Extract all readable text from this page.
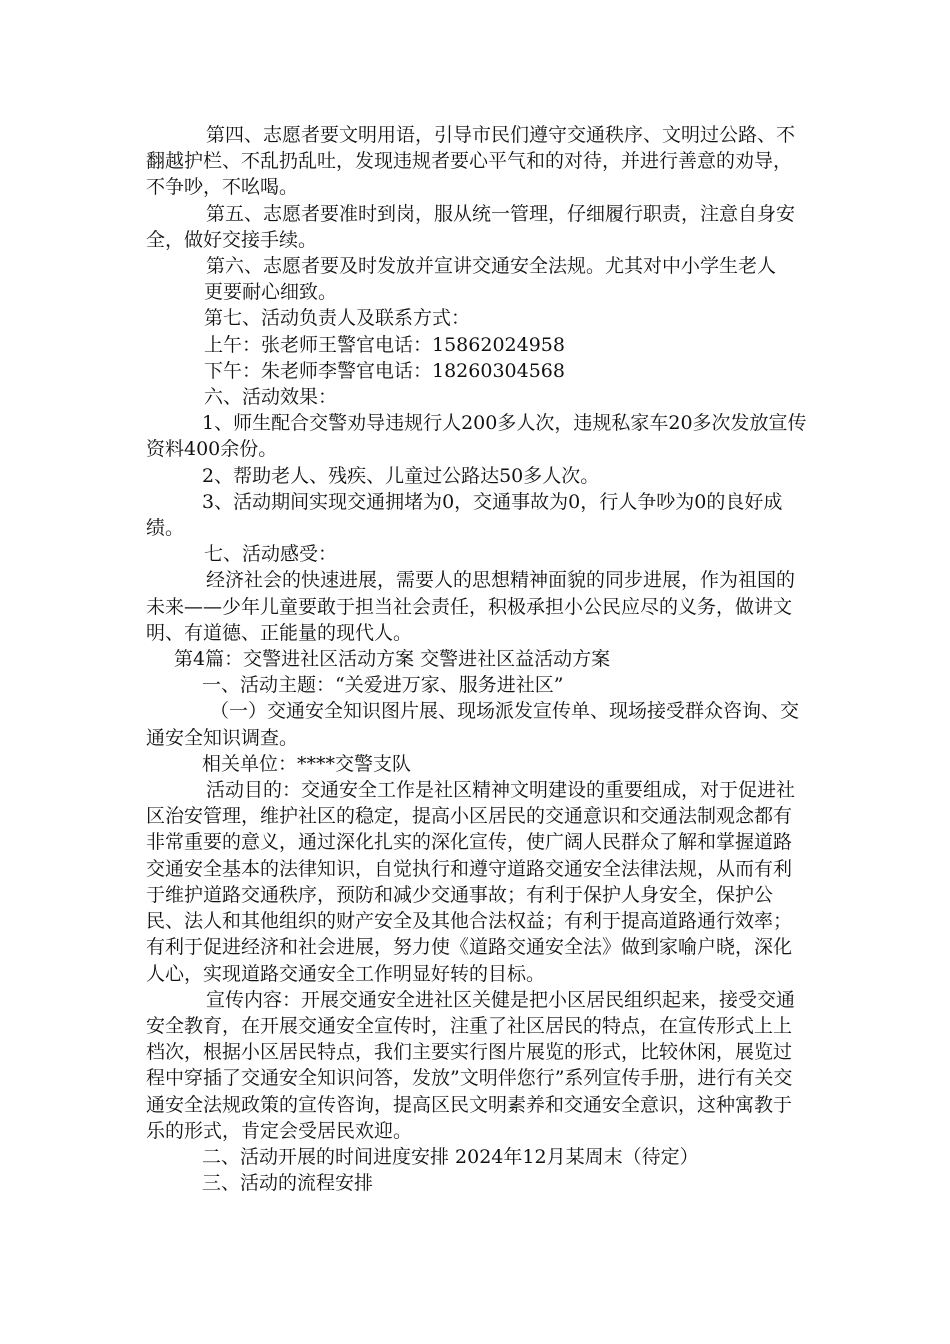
第四、志愿者要文明用语，引导市民们遵守交通秩序、文明过公路、不翻越护栏、不乱扔乱吐，发现违规者要心平气和的对待，并进行善意的劝导，不争吵，不吆喝。

第五、志愿者要准时到岗，服从统一管理，仔细履行职责，注意自身安全，做好交接手续。

第六、志愿者要及时发放并宣讲交通安全法规。尤其对中小学生老人

更要耐心细致。

第七、活动负责人及联系方式：

上午：张老师王警官电话：15862024958

下午：朱老师李警官电话：18260304568

六、活动效果：

1、师生配合交警劝导违规行人200多人次，违规私家车20多次发放宣传资料400余份。

2、帮助老人、残疾、儿童过公路达50多人次。

3、活动期间实现交通拥堵为0，交通事故为0，行人争吵为0的良好成绩。

七、活动感受：

经济社会的快速进展，需要人的思想精神面貌的同步进展，作为祖国的未来——少年儿童要敢于担当社会责任，积极承担小公民应尽的义务，做讲文明、有道德、正能量的现代人。

第4篇：交警进社区活动方案 交警进社区益活动方案

一、活动主题：“关爱进万家、服务进社区”

（一）交通安全知识图片展、现场派发宣传单、现场接受群众咨询、交通安全知识调查。

相关单位：****交警支队

活动目的：交通安全工作是社区精神文明建设的重要组成，对于促进社区治安管理，维护社区的稳定，提高小区居民的交通意识和交通法制观念都有非常重要的意义，通过深化扎实的深化宣传，使广阔人民群众了解和掌握道路交通安全基本的法律知识，自觉执行和遵守道路交通安全法律法规，从而有利于维护道路交通秩序，预防和减少交通事故；有利于保护人身安全，保护公民、法人和其他组织的财产安全及其他合法权益；有利于提高道路通行效率；有利于促进经济和社会进展，努力使《道路交通安全法》做到家喻户晓，深化人心，实现道路交通安全工作明显好转的目标。

宣传内容：开展交通安全进社区关健是把小区居民组织起来，接受交通安全教育，在开展交通安全宣传时，注重了社区居民的特点，在宣传形式上上档次，根据小区居民特点，我们主要实行图片展览的形式，比较休闲，展览过程中穿插了交通安全知识问答，发放”文明伴您行”系列宣传手册，进行有关交通安全法规政策的宣传咨询，提高区民文明素养和交通安全意识，这种寓教于乐的形式，肯定会受居民欢迎。

二、活动开展的时间进度安排 2024年12月某周末（待定）

三、活动的流程安排
